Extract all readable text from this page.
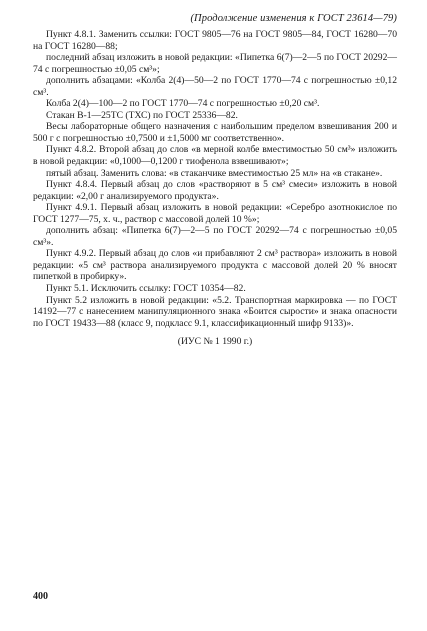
(Продолжение изменения к ГОСТ 23614—79)

Пункт 4.8.1. Заменить ссылки: ГОСТ 9805—76 на ГОСТ 9805—84, ГОСТ 16280—70 на ГОСТ 16280—88;

последний абзац изложить в новой редакции: «Пипетка 6(7)—2—5 по ГОСТ 20292—74 с погрешностью ±0,05 см³»;

дополнить абзацами: «Колба 2(4)—50—2 по ГОСТ 1770—74 с погрешностью ±0,12 см³.

Колба 2(4)—100—2 по ГОСТ 1770—74 с погрешностью ±0,20 см³.

Стакан В-1—25ТС (ТХС) по ГОСТ 25336—82.

Весы лабораторные общего назначения с наибольшим пределом взвешивания 200 и 500 г с погрешностью ±0,7500 и ±1,5000 мг соответственно».

Пункт 4.8.2. Второй абзац до слов «в мерной колбе вместимостью 50 см³» изложить в новой редакции: «0,1000—0,1200 г тиофенола взвешивают»;

пятый абзац. Заменить слова: «в стаканчике вместимостью 25 мл» на «в стакане».

Пункт 4.8.4. Первый абзац до слов «растворяют в 5 см³ смеси» изложить в новой редакции: «2,00 г анализируемого продукта».

Пункт 4.9.1. Первый абзац изложить в новой редакции: «Серебро азотнокислое по ГОСТ 1277—75, х. ч., раствор с массовой долей 10 %»;

дополнить абзац: «Пипетка 6(7)—2—5 по ГОСТ 20292—74 с погрешностью ±0,05 см³».

Пункт 4.9.2. Первый абзац до слов «и прибавляют 2 см³ раствора» изложить в новой редакции: «5 см³ раствора анализируемого продукта с массовой долей 20 % вносят пипеткой в пробирку».

Пункт 5.1. Исключить ссылку: ГОСТ 10354—82.

Пункт 5.2 изложить в новой редакции: «5.2. Транспортная маркировка — по ГОСТ 14192—77 с нанесением манипуляционного знака «Боится сырости» и знака опасности по ГОСТ 19433—88 (класс 9, подкласс 9.1, классификационный шифр 9133)».

(ИУС № 1 1990 г.)

400
